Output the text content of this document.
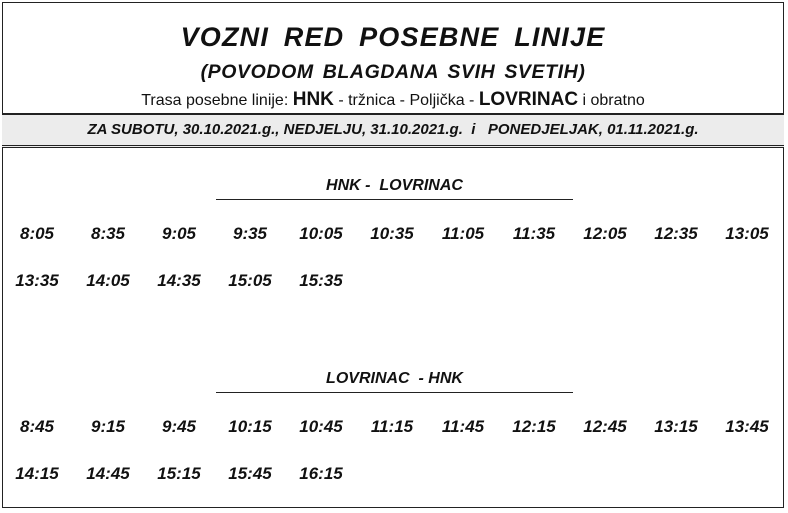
VOZNI RED POSEBNE LINIJE
(POVODOM BLAGDANA SVIH SVETIH)
Trasa posebne linije: HNK - tržnica - Poljička - LOVRINAC i obratno
ZA SUBOTU, 30.10.2021.g., NEDJELJU, 31.10.2021.g.  i   PONEDJELJAK, 01.11.2021.g.
HNK -  LOVRINAC
8:05	8:35	9:05	9:35	10:05	10:35	11:05	11:35	12:05	12:35	13:05
13:35	14:05	14:35	15:05	15:35
LOVRINAC  - HNK
8:45	9:15	9:45	10:15	10:45	11:15	11:45	12:15	12:45	13:15	13:45
14:15	14:45	15:15	15:45	16:15
